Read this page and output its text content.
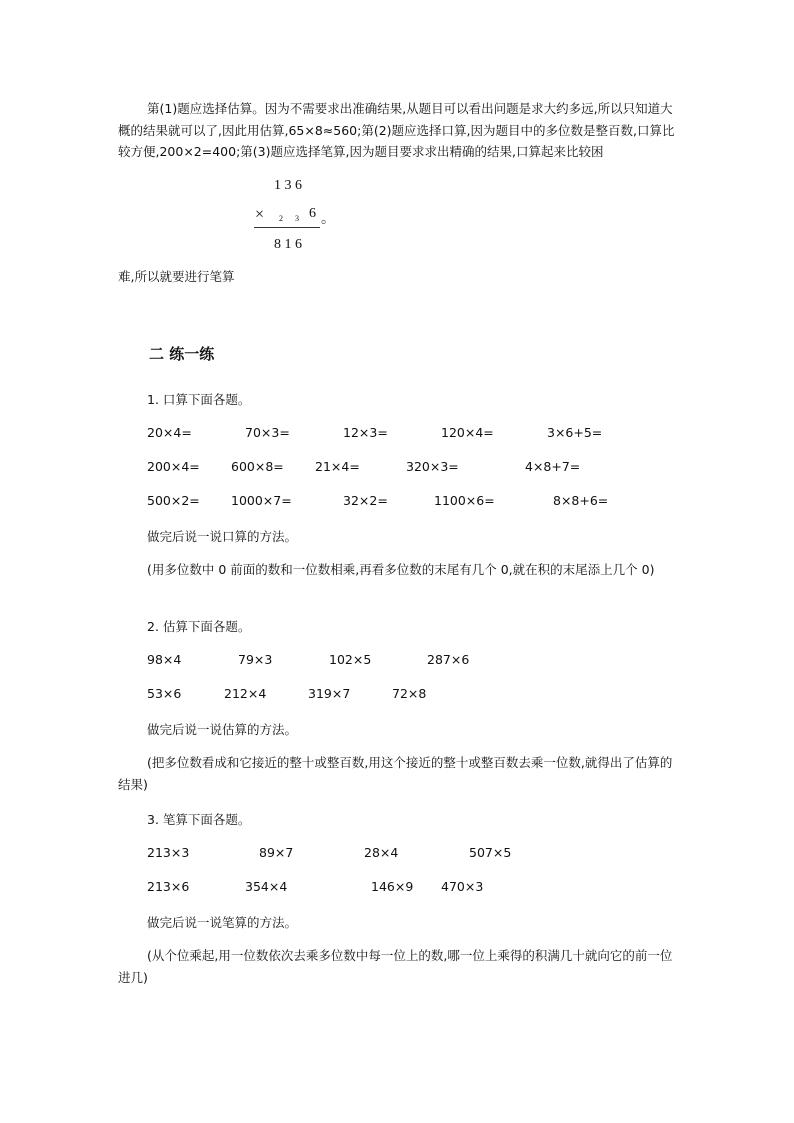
第(1)题应选择估算。因为不需要求出准确结果,从题目可以看出问题是求大约多远,所以只知道大概的结果就可以了,因此用估算,65×8≈560;第(2)题应选择口算,因为题目中的多位数是整百数,口算比较方便,200×2=400;第(3)题应选择笔算,因为题目要求求出精确的结果,口算起来比较困

1 3 6
× 2 3 6 。
8 1 6
难,所以就要进行笔算
二 练一练
1. 口算下面各题。
20×4=	70×3=	12×3=	120×4=	3×6+5=
200×4= 600×8= 21×4=	320×3=	4×8+7=
500×2= 1000×7=	32×2=	1100×6=	8×8+6=
做完后说一说口算的方法。

(用多位数中 0 前面的数和一位数相乘,再看多位数的末尾有几个 0,就在积的末尾添上几个 0)

2. 估算下面各题。
98×4	79×3	102×5	287×6
53×6	212×4	319×7	72×8
做完后说一说估算的方法。

(把多位数看成和它接近的整十或整百数,用这个接近的整十或整百数去乘一位数,就得出了估算的结果)

3. 笔算下面各题。
213×3	89×7	28×4	507×5
213×6	354×4	146×9 470×3
做完后说一说笔算的方法。

(从个位乘起,用一位数依次去乘多位数中每一位上的数,哪一位上乘得的积满几十就向它的前一位进几)
